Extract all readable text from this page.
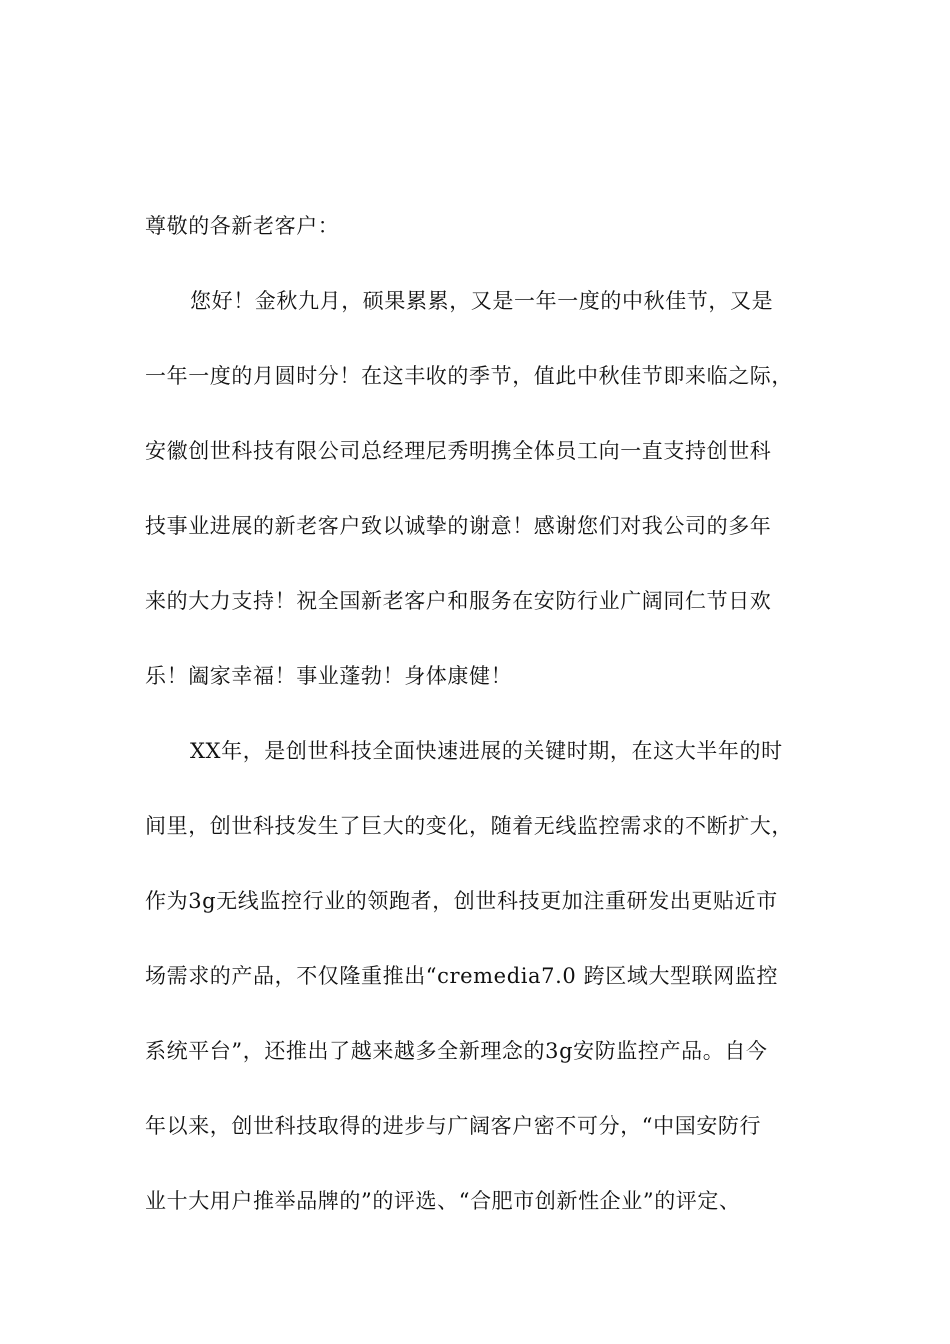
尊敬的各新老客户：
您好！金秋九月，硕果累累，又是一年一度的中秋佳节，又是
一年一度的月圆时分！在这丰收的季节，值此中秋佳节即来临之际，
安徽创世科技有限公司总经理尼秀明携全体员工向一直支持创世科
技事业进展的新老客户致以诚挚的谢意！感谢您们对我公司的多年
来的大力支持！祝全国新老客户和服务在安防行业广阔同仁节日欢
乐！阖家幸福！事业蓬勃！身体康健！
XX年，是创世科技全面快速进展的关键时期，在这大半年的时
间里，创世科技发生了巨大的变化，随着无线监控需求的不断扩大，
作为3g无线监控行业的领跑者，创世科技更加注重研发出更贴近市
场需求的产品，不仅隆重推出“cremedia7.0 跨区域大型联网监控
系统平台”，还推出了越来越多全新理念的3g安防监控产品。自今
年以来，创世科技取得的进步与广阔客户密不可分，“中国安防行
业十大用户推举品牌的”的评选、“合肥市创新性企业”的评定、
